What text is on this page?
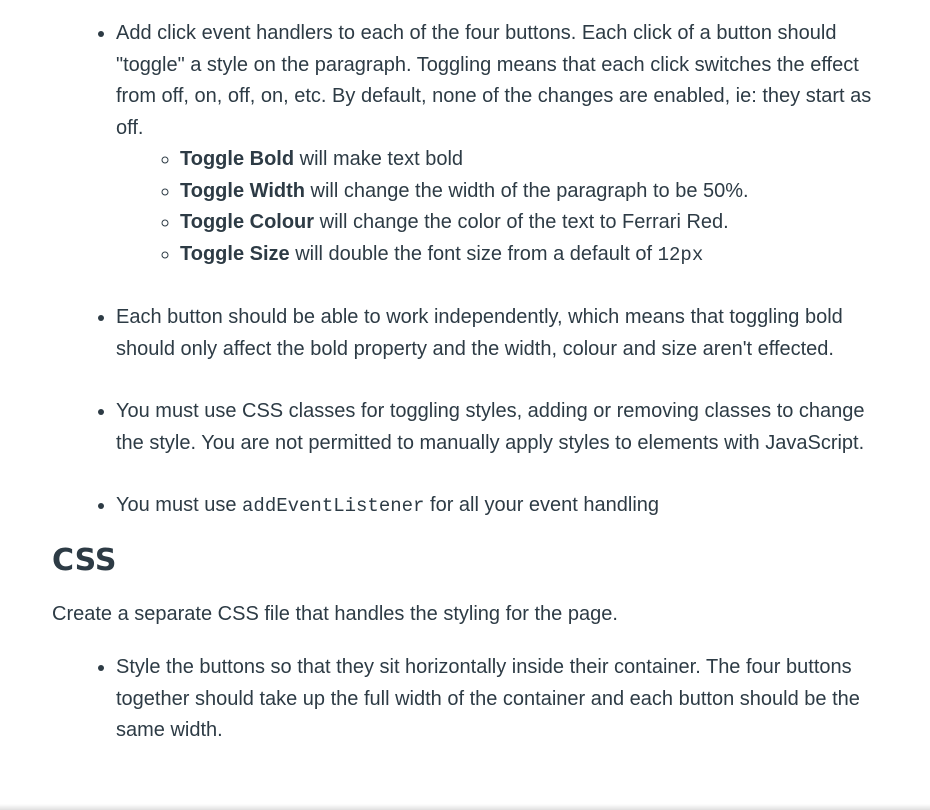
• Add click event handlers to each of the four buttons. Each click of a button should "toggle" a style on the paragraph. Toggling means that each click switches the effect from off, on, off, on, etc. By default, none of the changes are enabled, ie: they start as off.
◦ Toggle Bold will make text bold
◦ Toggle Width will change the width of the paragraph to be 50%.
◦ Toggle Colour will change the color of the text to Ferrari Red.
◦ Toggle Size will double the font size from a default of 12px
• Each button should be able to work independently, which means that toggling bold should only affect the bold property and the width, colour and size aren't effected.
• You must use CSS classes for toggling styles, adding or removing classes to change the style. You are not permitted to manually apply styles to elements with JavaScript.
• You must use addEventListener for all your event handling
CSS

Create a separate CSS file that handles the styling for the page.

• Style the buttons so that they sit horizontally inside their container. The four buttons together should take up the full width of the container and each button should be the same width.
